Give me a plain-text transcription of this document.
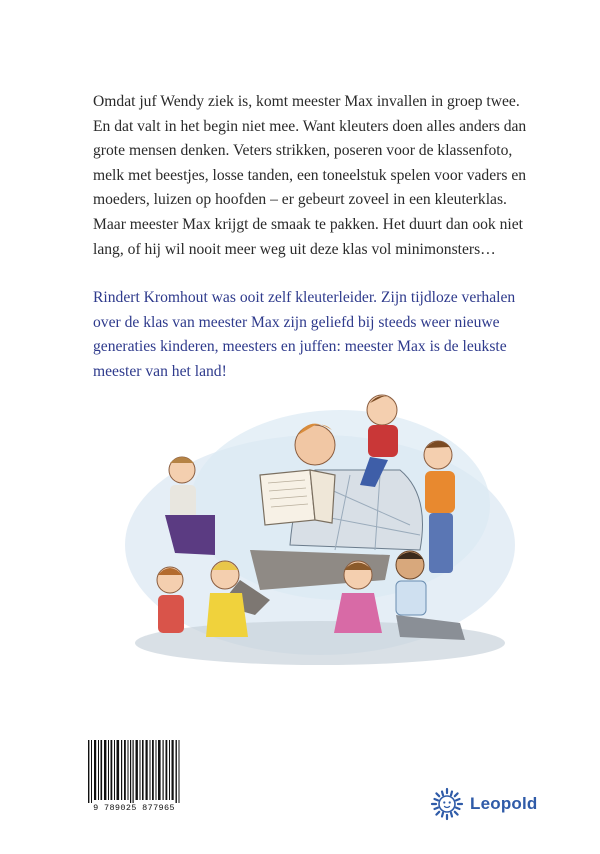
Omdat juf Wendy ziek is, komt meester Max invallen in groep twee. En dat valt in het begin niet mee. Want kleuters doen alles anders dan grote mensen denken. Veters strikken, poseren voor de klassenfoto, melk met beestjes, losse tanden, een toneelstuk spelen voor vaders en moeders, luizen op hoofden – er gebeurt zoveel in een kleuterklas. Maar meester Max krijgt de smaak te pakken. Het duurt dan ook niet lang, of hij wil nooit meer weg uit deze klas vol minimonsters…

Rindert Kromhout was ooit zelf kleuterleider. Zijn tijdloze verhalen over de klas van meester Max zijn geliefd bij steeds weer nieuwe generaties kinderen, meesters en juffen: meester Max is de leukste meester van het land!

9 789025 877965	Leopold
